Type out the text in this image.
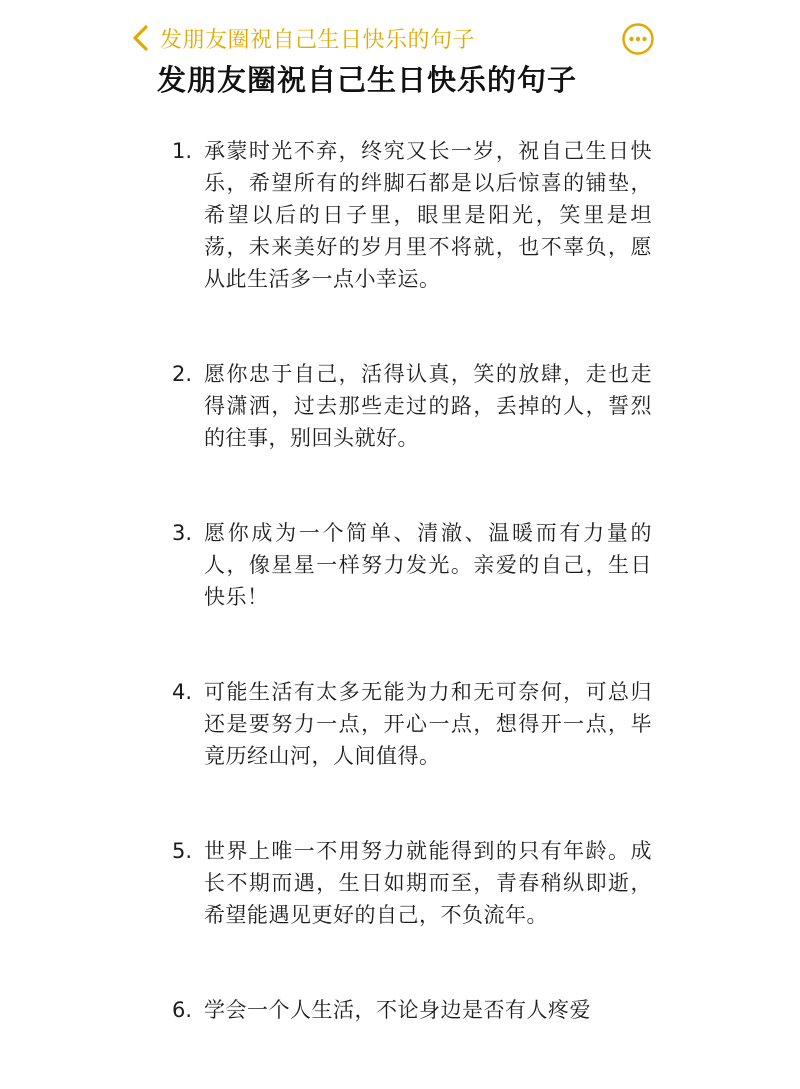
发朋友圈祝自己生日快乐的句子
发朋友圈祝自己生日快乐的句子
1. 承蒙时光不弃，终究又长一岁，祝自己生日快乐，希望所有的绊脚石都是以后惊喜的铺垫，希望以后的日子里，眼里是阳光，笑里是坦荡，未来美好的岁月里不将就，也不辜负，愿从此生活多一点小幸运。
2. 愿你忠于自己，活得认真，笑的放肆，走也走得潇洒，过去那些走过的路，丢掉的人，誓烈的往事，别回头就好。
3. 愿你成为一个简单、清澈、温暖而有力量的人，像星星一样努力发光。亲爱的自己，生日快乐！
4. 可能生活有太多无能为力和无可奈何，可总归还是要努力一点，开心一点，想得开一点，毕竟历经山河，人间值得。
5. 世界上唯一不用努力就能得到的只有年龄。成长不期而遇，生日如期而至，青春稍纵即逝，希望能遇见更好的自己，不负流年。
6. 学会一个人生活，不论身边是否有人疼爱
